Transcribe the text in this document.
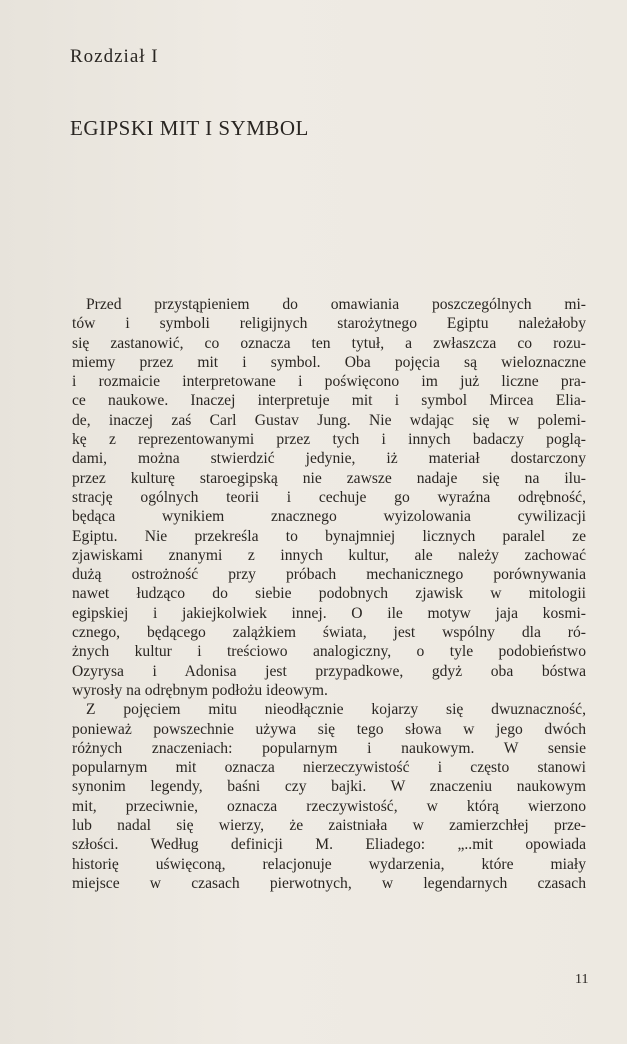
Rozdział I
EGIPSKI MIT I SYMBOL
Przed przystąpieniem do omawiania poszczególnych mi-
tów i symboli religijnych starożytnego Egiptu należałoby
się zastanowić, co oznacza ten tytuł, a zwłaszcza co rozu-
miemy przez mit i symbol. Oba pojęcia są wieloznaczne
i rozmaicie interpretowane i poświęcono im już liczne pra-
ce naukowe. Inaczej interpretuje mit i symbol Mircea Elia-
de, inaczej zaś Carl Gustav Jung. Nie wdając się w polemi-
kę z reprezentowanymi przez tych i innych badaczy poglą-
dami, można stwierdzić jedynie, iż materiał dostarczony
przez kulturę staroegipską nie zawsze nadaje się na ilu-
strację ogólnych teorii i cechuje go wyraźna odrębność,
będąca wynikiem znacznego wyizolowania cywilizacji
Egiptu. Nie przekreśla to bynajmniej licznych paralel ze
zjawiskami znanymi z innych kultur, ale należy zachować
dużą ostrożność przy próbach mechanicznego porównywania
nawet łudząco do siebie podobnych zjawisk w mitologii
egipskiej i jakiejkolwiek innej. O ile motyw jaja kosmi-
cznego, będącego zalążkiem świata, jest wspólny dla ró-
żnych kultur i treściowo analogiczny, o tyle podobieństwo
Ozyrysa i Adonisa jest przypadkowe, gdyż oba bóstwa
wyrosły na odrębnym podłożu ideowym.
Z pojęciem mitu nieodłącznie kojarzy się dwuznaczność,
ponieważ powszechnie używa się tego słowa w jego dwóch
różnych znaczeniach: popularnym i naukowym. W sensie
popularnym mit oznacza nierzeczywistość i często stanowi
synonim legendy, baśni czy bajki. W znaczeniu naukowym
mit, przeciwnie, oznacza rzeczywistość, w którą wierzono
lub nadal się wierzy, że zaistniała w zamierzchłej prze-
szłości. Według definicji M. Eliadego: „..mit opowiada
historię uświęconą, relacjonuje wydarzenia, które miały
miejsce w czasach pierwotnych, w legendarnych czasach
11
